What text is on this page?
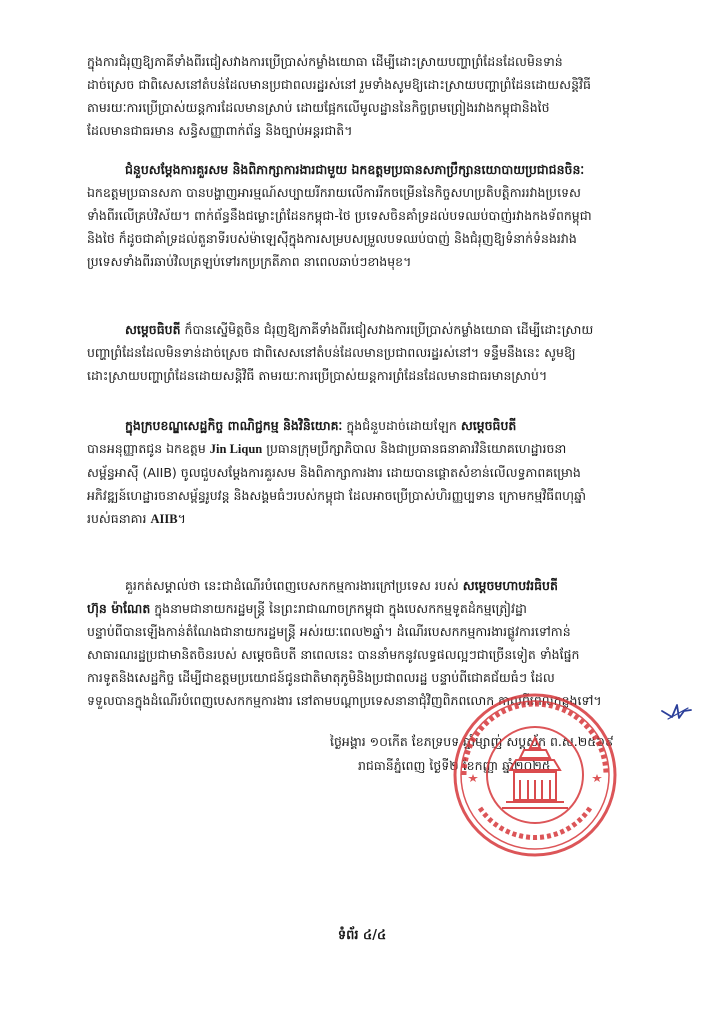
ក្នុងការជំរុញឱ្យភាគីទាំងពីរជៀសវាងការប្រើប្រាស់កម្លាំងយោធា ដើម្បីដោះស្រាយបញ្ហាព្រំដែនដែលមិនទាន់

ដាច់ស្រេច ជាពិសេសនៅតំបន់ដែលមានប្រជាពលរដ្ឋរស់នៅ រួមទាំងសូមឱ្យដោះស្រាយបញ្ហាព្រំដែនដោយសន្តិវិធី

តាមរយៈការប្រើប្រាស់យន្តការដែលមានស្រាប់ ដោយផ្អែកលើមូលដ្ឋាននៃកិច្ចព្រមព្រៀងរវាងកម្ពុជានិងថៃ

ដែលមានជាធរមាន សន្ធិសញ្ញាពាក់ព័ន្ធ និងច្បាប់អន្តរជាតិ។

ជំនួបសម្តែងការគួរសម និងពិភាក្សាការងារជាមួយ ឯកឧត្តមប្រធានសភាប្រឹក្សានយោបាយប្រជាជនចិនៈ

ឯកឧត្តមប្រធានសភា បានបង្ហាញអារម្មណ៍សប្បាយរីករាយលើការរីកចម្រើននៃកិច្ចសហប្រតិបត្តិការរវាងប្រទេស

ទាំងពីរលើគ្រប់វិស័យ។ ពាក់ព័ន្ធនឹងជម្លោះព្រំដែនកម្ពុជា-ថៃ ប្រទេសចិនគាំទ្រដល់បទឈប់បាញ់រវាងកងទ័ពកម្ពុជា

និងថៃ ក៏ដូចជាគាំទ្រដល់តួនាទីរបស់ម៉ាឡេស៊ីក្នុងការសម្របសម្រួលបទឈប់បាញ់ និងជំរុញឱ្យទំនាក់ទំនងរវាង

ប្រទេសទាំងពីរឆាប់វិលត្រឡប់ទៅរកប្រក្រតីភាព នាពេលឆាប់ៗខាងមុខ។

សម្តេចធិបតី ក៏បានស្នើមិត្តចិន ជំរុញឱ្យភាគីទាំងពីរជៀសវាងការប្រើប្រាស់កម្លាំងយោធា ដើម្បីដោះស្រាយ

បញ្ហាព្រំដែនដែលមិនទាន់ដាច់ស្រេច ជាពិសេសនៅតំបន់ដែលមានប្រជាពលរដ្ឋរស់នៅ។ ទន្ទឹមនឹងនេះ សូមឱ្យ

ដោះស្រាយបញ្ហាព្រំដែនដោយសន្តិវិធី តាមរយៈការប្រើប្រាស់យន្តការព្រំដែនដែលមានជាធរមានស្រាប់។

ក្នុងក្របខណ្ឌសេដ្ឋកិច្ច ពាណិជ្ជកម្ម និងវិនិយោគៈ ក្នុងជំនួបដាច់ដោយឡែក សម្តេចធិបតី

បានអនុញ្ញាតជូន ឯកឧត្តម Jin Liqun ប្រធានក្រុមប្រឹក្សាភិបាល និងជាប្រធានធនាគារវិនិយោគហេដ្ឋារចនា

សម្ព័ន្ធអាស៊ី (AIIB) ចូលជួបសម្តែងការគួរសម និងពិភាក្សាការងារ ដោយបានផ្តោតសំខាន់លើលទ្ធភាពគម្រោង

អភិវឌ្ឍន៍ហេដ្ឋារចនាសម្ព័ន្ធរូបវន្ត និងសង្គមធំៗរបស់កម្ពុជា ដែលអាចប្រើប្រាស់ហិរញ្ញប្បទាន ក្រោមកម្មវិធីពហុឆ្នាំ

របស់ធនាគារ AIIB។

គួរកត់សម្គាល់ថា នេះជាដំណើរបំពេញបេសកកម្មការងារក្រៅប្រទេស របស់ សម្តេចមហាបវរធិបតី

ហ៊ុន ម៉ាណែត ក្នុងនាមជានាយករដ្ឋមន្ត្រី នៃព្រះរាជាណាចក្រកម្ពុជា ក្នុងបេសកកម្មទូតដំកម្មត្រៀវដ្ឋា

បន្ទាប់ពីបានឡើងកាន់តំណែងជានាយករដ្ឋមន្ត្រី អស់រយៈពេល២ឆ្នាំ។ ដំណើរបេសកកម្មការងារផ្លូវការទៅកាន់

សាធារណរដ្ឋប្រជាមានិតចិនរបស់ សម្តេចធិបតី នាពេលនេះ បាននាំមកនូវលទ្ធផលល្អៗជាច្រើនទៀត ទាំងផ្នែក

ការទូតនិងសេដ្ឋកិច្ច ដើម្បីជាឧត្តមប្រយោជន៍ជូនជាតិមាតុភូមិនិងប្រជាពលរដ្ឋ បន្ទាប់ពីជោគជ័យធំៗ ដែល

ទទួលបានក្នុងដំណើរបំពេញបេសកកម្មការងារ នៅតាមបណ្តាប្រទេសនានាជុំវិញពិភពលោក កាលពីពេលកន្លងទៅ។

ថ្ងៃអង្គារ ១០កើត ខែភទ្របទ ឆ្នាំម្សាញ់ សប្តស័ក ព.ស.២៥៦៩

រាជធានីភ្នំពេញ ថ្ងៃទី២ ខែកញ្ញា ឆ្នាំ២០២៥

ទំព័រ ៤/៤
